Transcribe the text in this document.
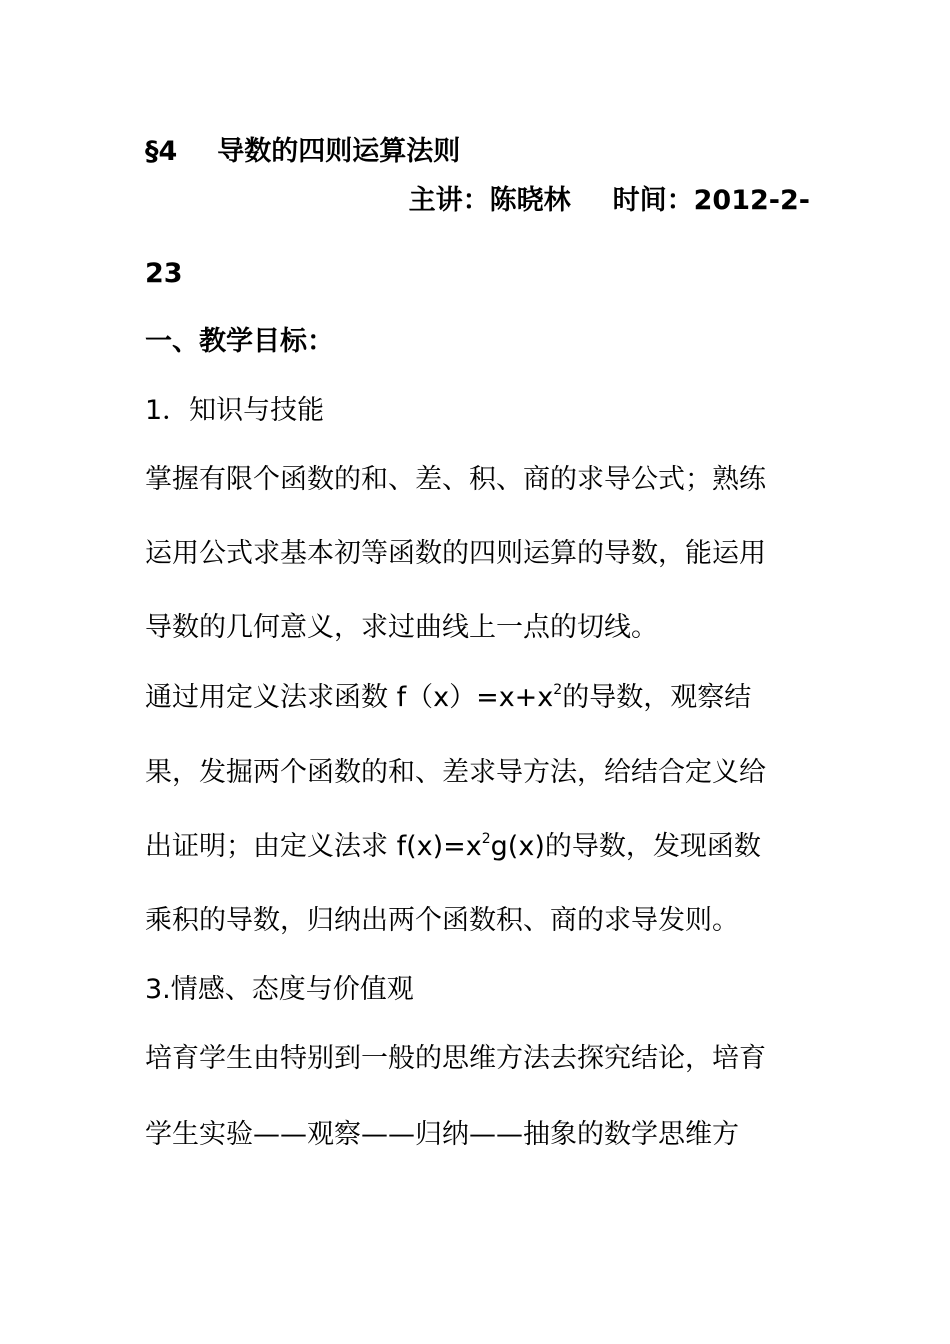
§4 导数的四则运算法则
主讲：陈晓林 时间：2012-2-
23
一、教学目标：
1．知识与技能
掌握有限个函数的和、差、积、商的求导公式；熟练
运用公式求基本初等函数的四则运算的导数，能运用
导数的几何意义，求过曲线上一点的切线。
通过用定义法求函数 $f(x)=x+x^2$的导数，观察结
果，发掘两个函数的和、差求导方法，给结合定义给
出证明；由定义法求 $f(x)=x^2g(x)$的导数，发现函数
乘积的导数，归纳出两个函数积、商的求导发则。
3.情感、态度与价值观
培育学生由特别到一般的思维方法去探究结论，培育
学生实验——观察——归纳——抽象的数学思维方
